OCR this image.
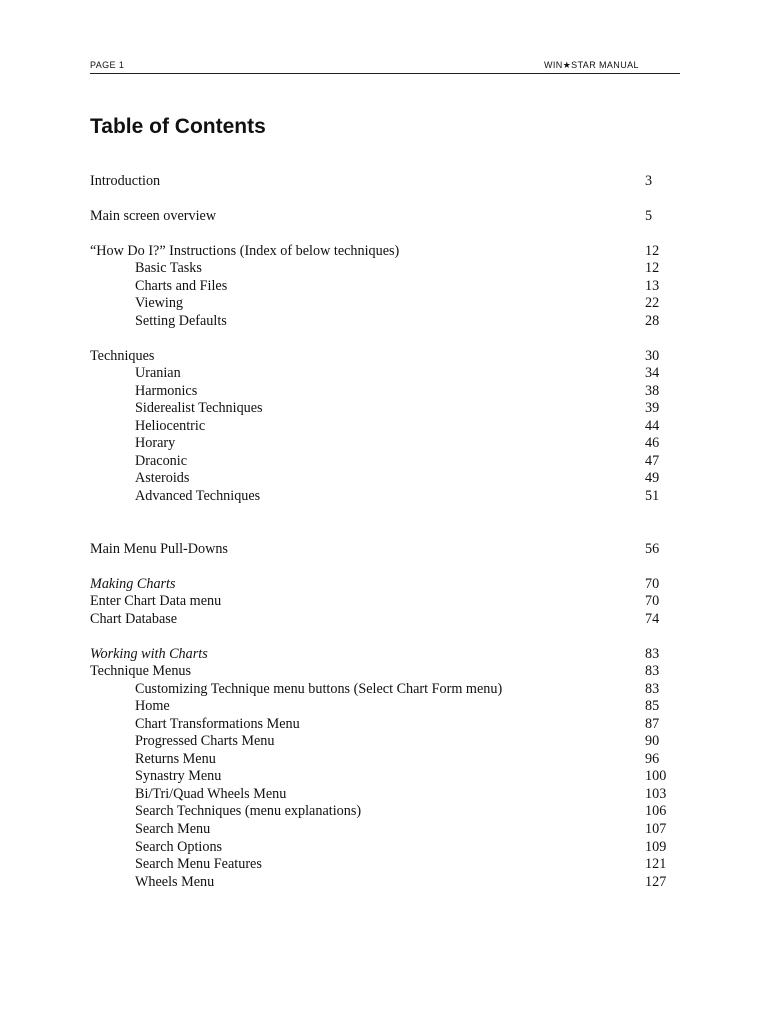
PAGE 1	WIN★STAR MANUAL
Table of Contents
Introduction	3
Main screen overview	5
“How Do I?” Instructions (Index of below techniques)	12
Basic Tasks	12
Charts and Files	13
Viewing	22
Setting Defaults	28
Techniques	30
Uranian	34
Harmonics	38
Siderealist Techniques	39
Heliocentric	44
Horary	46
Draconic	47
Asteroids	49
Advanced Techniques	51
Main Menu Pull-Downs	56
Making Charts	70
Enter Chart Data menu	70
Chart Database	74
Working with Charts	83
Technique Menus	83
Customizing Technique menu buttons (Select Chart Form menu)	83
Home	85
Chart Transformations Menu	87
Progressed Charts Menu	90
Returns Menu	96
Synastry Menu	100
Bi/Tri/Quad Wheels Menu	103
Search Techniques (menu explanations)	106
Search Menu	107
Search Options	109
Search Menu Features	121
Wheels Menu	127
